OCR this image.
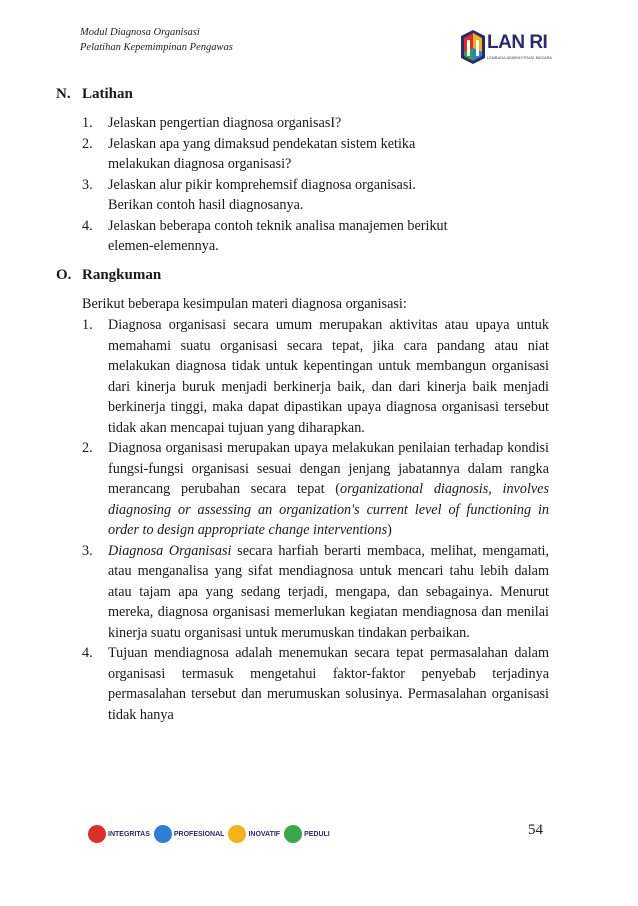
Modul Diagnosa Organisasi
Pelatihan Kepemimpinan Pengawas	LAN RI
LEMBAGA ADMINISTRASI NEGARA
N. Latihan
1. Jelaskan pengertian diagnosa organisasI?
2. Jelaskan apa yang dimaksud pendekatan sistem ketika
melakukan diagnosa organisasi?
3. Jelaskan alur pikir komprehemsif diagnosa organisasi.
Berikan contoh hasil diagnosanya.
4. Jelaskan beberapa contoh teknik analisa manajemen berikut
elemen-elemennya.
O. Rangkuman
Berikut beberapa kesimpulan materi diagnosa organisasi:
1. Diagnosa organisasi secara umum merupakan aktivitas atau upaya untuk memahami suatu organisasi secara tepat, jika cara pandang atau niat melakukan diagnosa tidak untuk kepentingan untuk membangun organisasi dari kinerja buruk menjadi berkinerja baik, dan dari kinerja baik menjadi berkinerja tinggi, maka dapat dipastikan upaya diagnosa organisasi tersebut tidak akan mencapai tujuan yang diharapkan.
2. Diagnosa organisasi merupakan upaya melakukan penilaian terhadap kondisi fungsi-fungsi organisasi sesuai dengan jenjang jabatannya dalam rangka merancang perubahan secara tepat (organizational diagnosis, involves diagnosing or assessing an organization's current level of functioning in order to design appropriate change interventions)
3. Diagnosa Organisasi secara harfiah berarti membaca, melihat, mengamati, atau menganalisa yang sifat mendiagnosa untuk mencari tahu lebih dalam atau tajam apa yang sedang terjadi, mengapa, dan sebagainya. Menurut mereka, diagnosa organisasi memerlukan kegiatan mendiagnosa dan menilai kinerja suatu organisasi untuk merumuskan tindakan perbaikan.
4. Tujuan mendiagnosa adalah menemukan secara tepat permasalahan dalam organisasi termasuk mengetahui faktor-faktor penyebab terjadinya permasalahan tersebut dan merumuskan solusinya. Permasalahan organisasi tidak hanya
INTEGRITAS	PROFESIONAL	INOVATIF	PEDULI	54
